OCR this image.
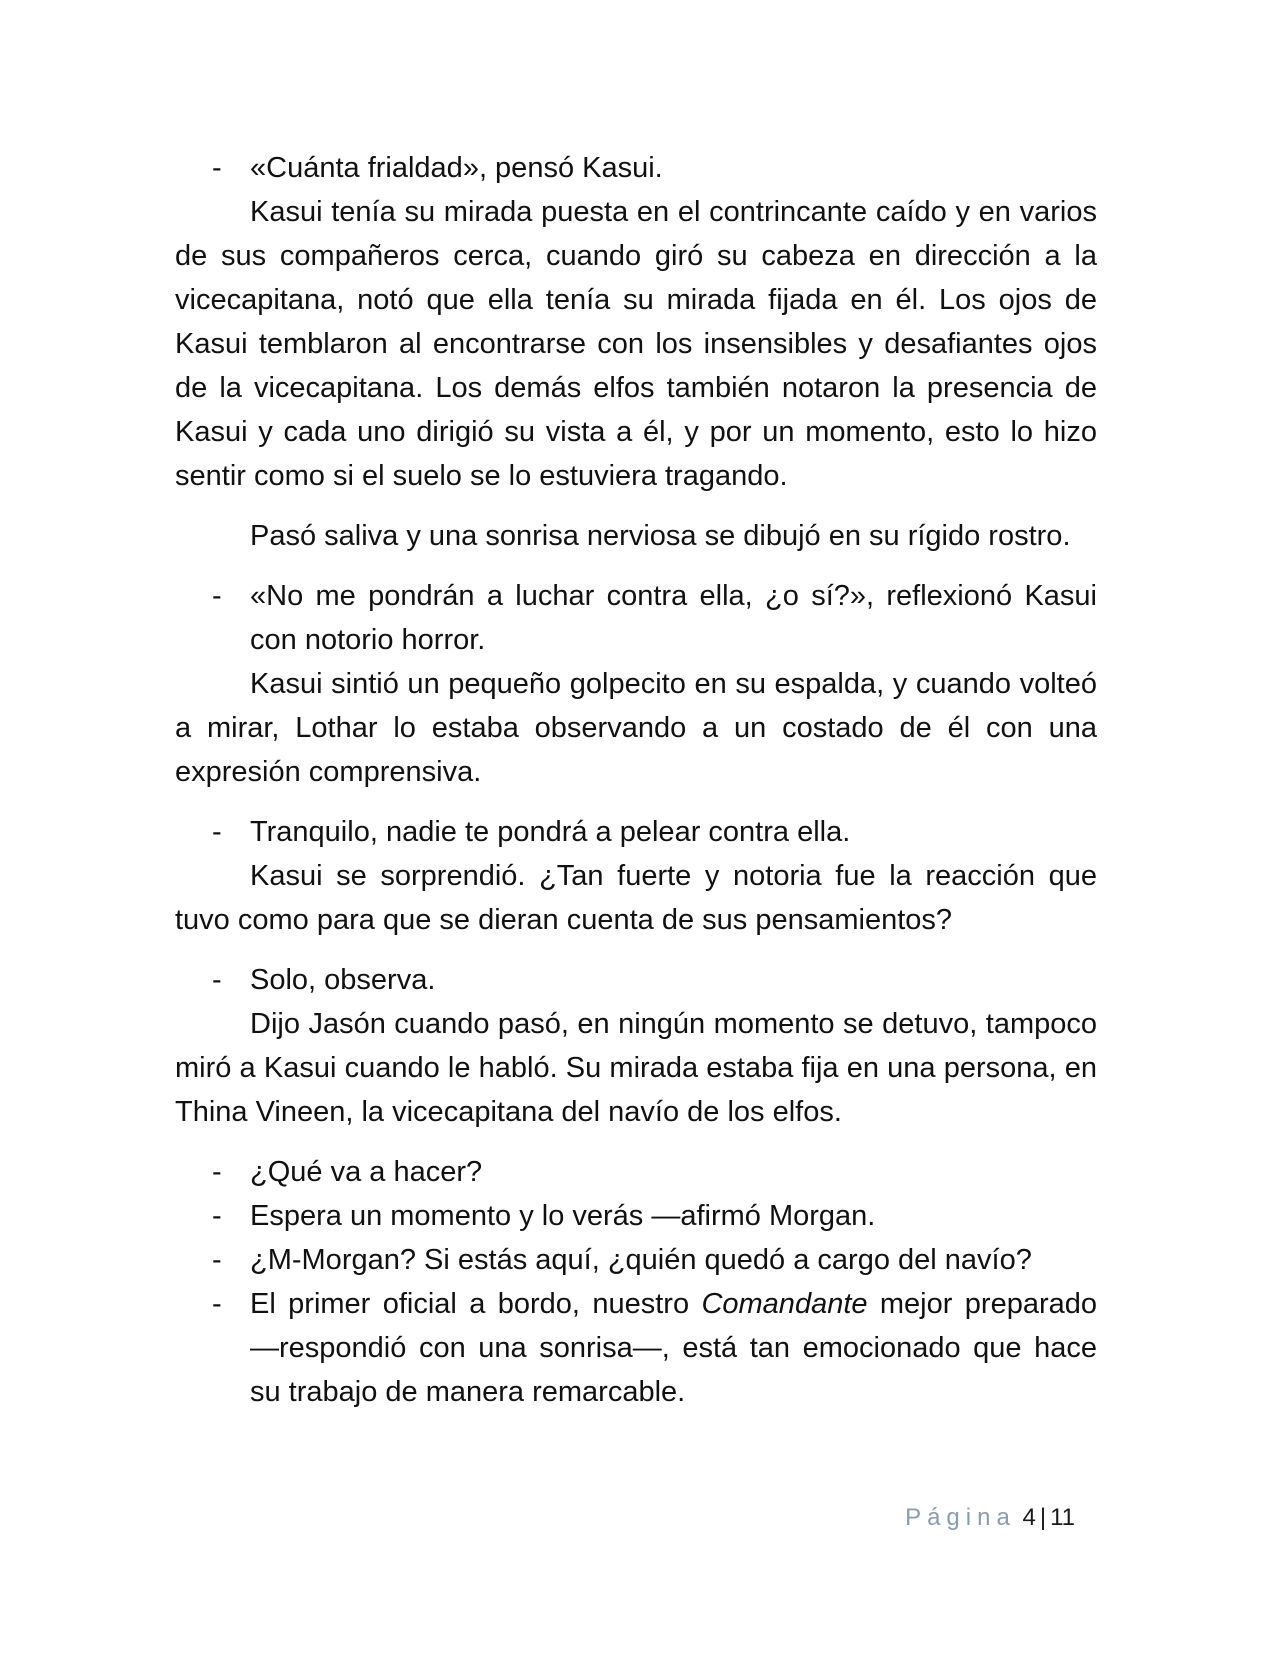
- «Cuánta frialdad», pensó Kasui.

Kasui tenía su mirada puesta en el contrincante caído y en varios de sus compañeros cerca, cuando giró su cabeza en dirección a la vicecapitana, notó que ella tenía su mirada fijada en él. Los ojos de Kasui temblaron al encontrarse con los insensibles y desafiantes ojos de la vicecapitana. Los demás elfos también notaron la presencia de Kasui y cada uno dirigió su vista a él, y por un momento, esto lo hizo sentir como si el suelo se lo estuviera tragando.

Pasó saliva y una sonrisa nerviosa se dibujó en su rígido rostro.

- «No me pondrán a luchar contra ella, ¿o sí?», reflexionó Kasui con notorio horror.

Kasui sintió un pequeño golpecito en su espalda, y cuando volteó a mirar, Lothar lo estaba observando a un costado de él con una expresión comprensiva.

- Tranquilo, nadie te pondrá a pelear contra ella.

Kasui se sorprendió. ¿Tan fuerte y notoria fue la reacción que tuvo como para que se dieran cuenta de sus pensamientos?

- Solo, observa.

Dijo Jasón cuando pasó, en ningún momento se detuvo, tampoco miró a Kasui cuando le habló. Su mirada estaba fija en una persona, en Thina Vineen, la vicecapitana del navío de los elfos.

- ¿Qué va a hacer?

- Espera un momento y lo verás —afirmó Morgan.

- ¿M-Morgan? Si estás aquí, ¿quién quedó a cargo del navío?

- El primer oficial a bordo, nuestro Comandante mejor preparado —respondió con una sonrisa—, está tan emocionado que hace su trabajo de manera remarcable.

Página 4 | 11
